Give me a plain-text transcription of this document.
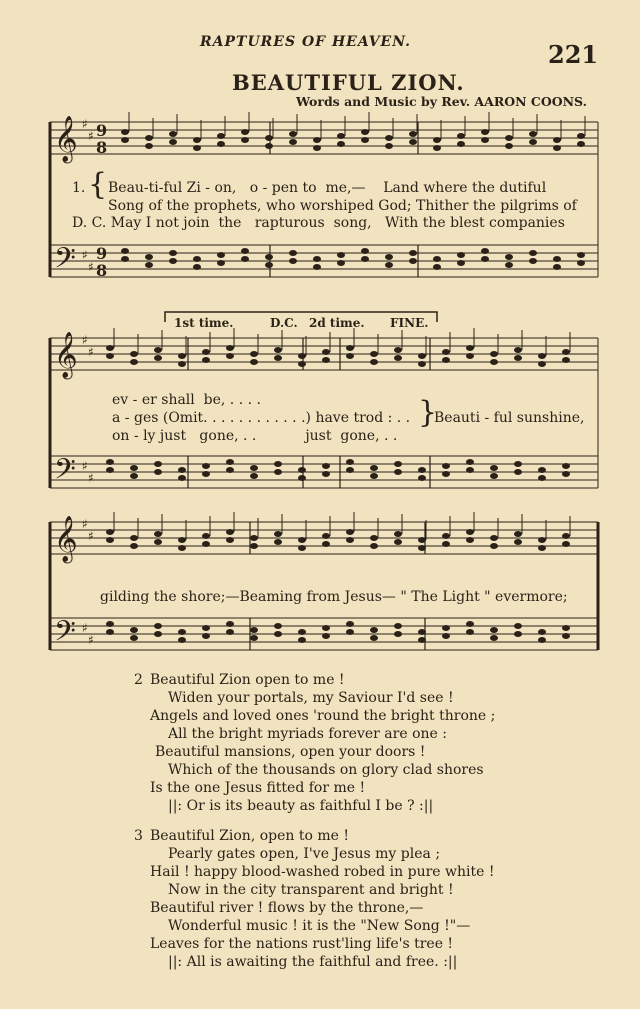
RAPTURES OF HEAVEN.	221
BEAUTIFUL ZION.
Words and Music by Rev. AARON COONS.
𝄞
𝄢
♯
♯
♯
♯
𝄞
𝄢
♯
♯
♯
♯
𝄞
𝄢
♯
♯
♯
♯
9
8
9
8
1. { Beau-ti-ful Zi - on,   o - pen to  me,—    Land where the dutiful
Song of the prophets, who worshiped God; Thither the pilgrims of
D. C. May I not join  the   rapturous  song,   With the blest companies
1st time.	D.C. 2d time. FINE.
ev - er shall  be, . . . .
a - ges (Omit. . . . . . . . . . . .) have trod : . .
on - ly just   gone, . .           just  gone, . .
}
Beauti - ful sunshine,
gilding the shore;—Beaming from Jesus— " The Light " evermore;
2 Beautiful Zion open to me !
Widen your portals, my Saviour I'd see !
Angels and loved ones 'round the bright throne ;
All the bright myriads forever are one :
Beautiful mansions, open your doors !
Which of the thousands on glory clad shores
Is the one Jesus fitted for me !
||: Or is its beauty as faithful I be ? :||
3 Beautiful Zion, open to me !
Pearly gates open, I've Jesus my plea ;
Hail ! happy blood-washed robed in pure white !
Now in the city transparent and bright !
Beautiful river ! flows by the throne,—
Wonderful music ! it is the "New Song !"—
Leaves for the nations rust'ling life's tree !
||: All is awaiting the faithful and free. :||
